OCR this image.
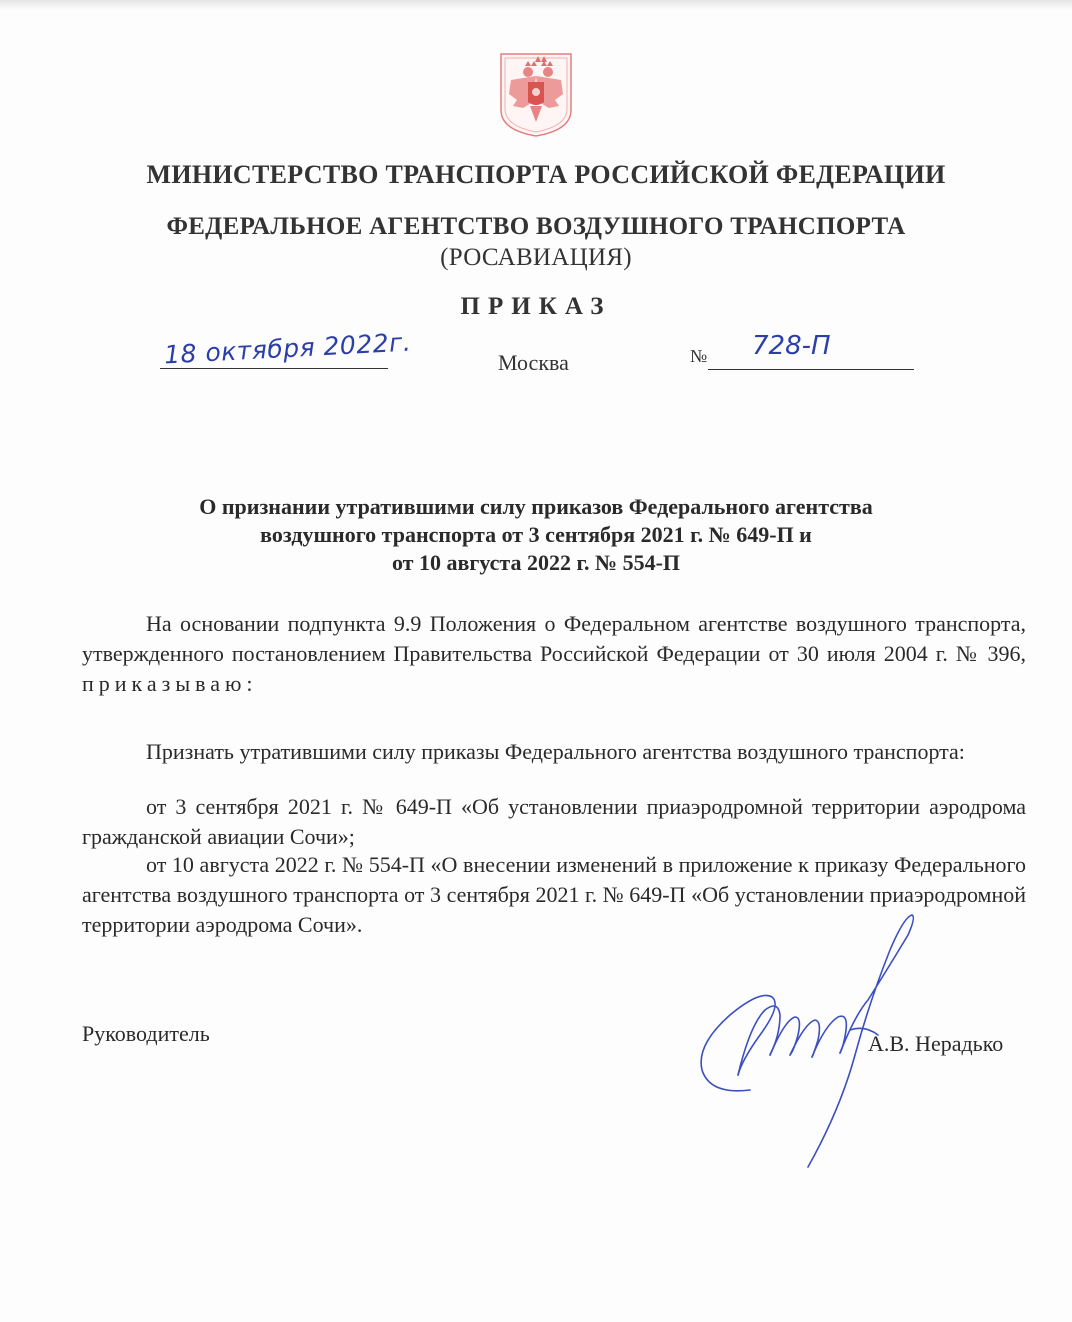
МИНИСТЕРСТВО ТРАНСПОРТА РОССИЙСКОЙ ФЕДЕРАЦИИ
ФЕДЕРАЛЬНОЕ АГЕНТСТВО ВОЗДУШНОГО ТРАНСПОРТА
(РОСАВИАЦИЯ)
ПРИКАЗ
18 октября 2022г.	Москва	№ 728-П
О признании утратившими силу приказов Федерального агентства
воздушного транспорта от 3 сентября 2021 г. № 649-П и
от 10 августа 2022 г. № 554-П
На основании подпункта 9.9 Положения о Федеральном агентстве воздушного транспорта, утвержденного постановлением Правительства Российской Федерации от 30 июля 2004 г. № 396, приказываю:
Признать утратившими силу приказы Федерального агентства воздушного транспорта:
от 3 сентября 2021 г. № 649-П «Об установлении приаэродромной территории аэродрома гражданской авиации Сочи»;
от 10 августа 2022 г. № 554-П «О внесении изменений в приложение к приказу Федерального агентства воздушного транспорта от 3 сентября 2021 г. № 649-П «Об установлении приаэродромной территории аэродрома Сочи».
Руководитель	А.В. Нерадько
